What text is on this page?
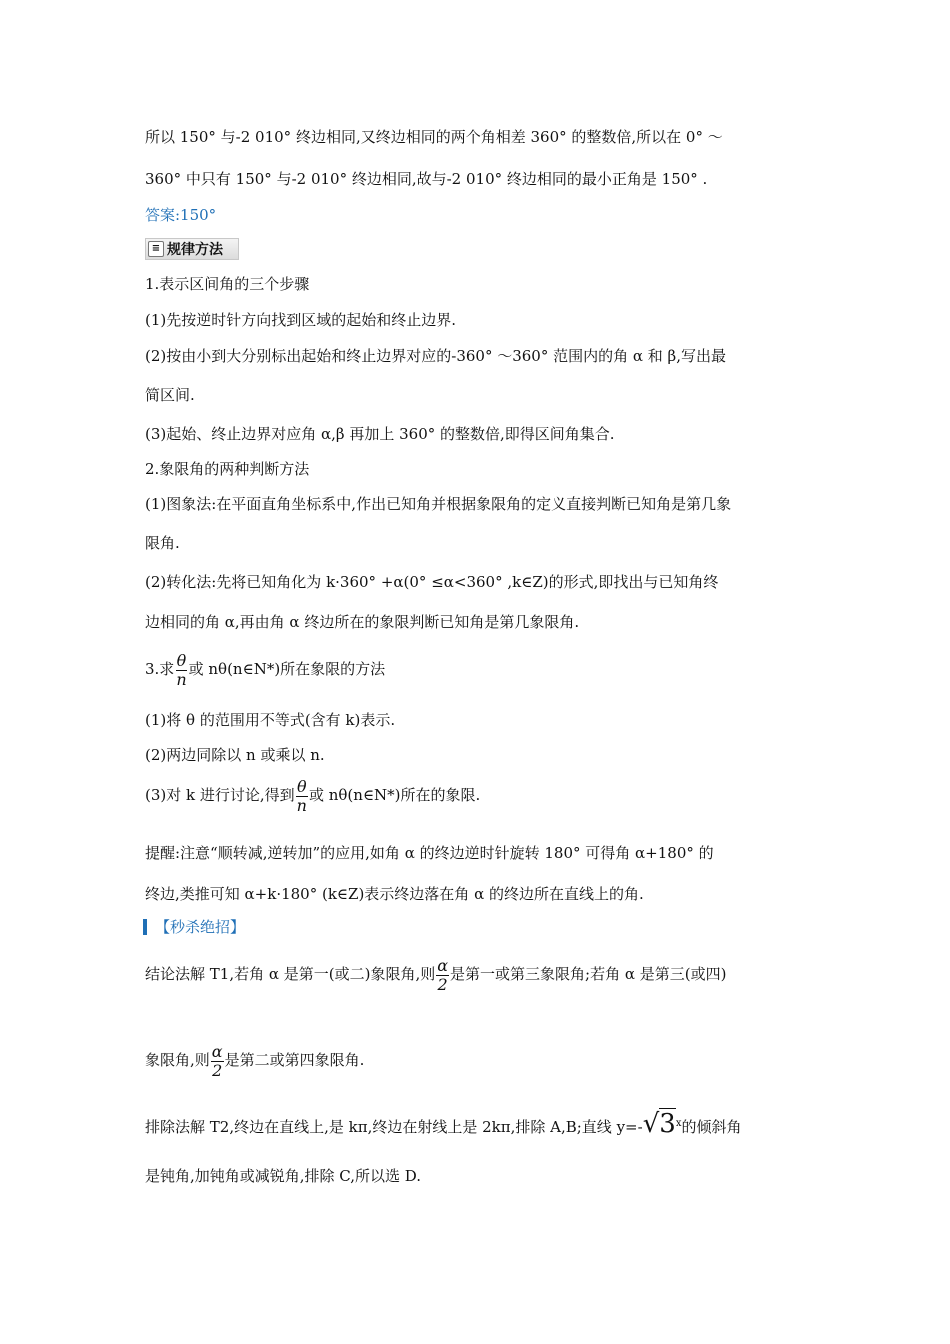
所以 150° 与-2 010° 终边相同,又终边相同的两个角相差 360° 的整数倍,所以在 0° ～
360° 中只有 150° 与-2 010° 终边相同,故与-2 010° 终边相同的最小正角是 150° .
答案:150°
≡ 规律方法
1.表示区间角的三个步骤
(1)先按逆时针方向找到区域的起始和终止边界.
(2)按由小到大分别标出起始和终止边界对应的-360° ～360° 范围内的角 α 和 β,写出最
简区间.
(3)起始、终止边界对应角 α,β 再加上 360° 的整数倍,即得区间角集合.
2.象限角的两种判断方法
(1)图象法:在平面直角坐标系中,作出已知角并根据象限角的定义直接判断已知角是第几象
限角.
(2)转化法:先将已知角化为 k·360° +α(0° ≤α<360° ,k∈Z)的形式,即找出与已知角终
边相同的角 α,再由角 α 终边所在的象限判断已知角是第几象限角.
3.求 $\frac{\theta}{n}$ 或 nθ(n∈N*)所在象限的方法
(1)将 θ 的范围用不等式(含有 k)表示.
(2)两边同除以 n 或乘以 n.
(3)对 k 进行讨论,得到 $\frac{\theta}{n}$ 或 nθ(n∈N*)所在的象限.
提醒:注意“顺转减,逆转加”的应用,如角 α 的终边逆时针旋转 180° 可得角 α+180° 的
终边,类推可知 α+k·180° (k∈Z)表示终边落在角 α 的终边所在直线上的角.
【秒杀绝招】
结论法解 T1,若角 α 是第一(或二)象限角,则 $\frac{\alpha}{2}$ 是第一或第三象限角;若角 α 是第三(或四)
象限角,则 $\frac{\alpha}{2}$ 是第二或第四象限角.
排除法解 T2,终边在直线上,是 kπ,终边在射线上是 2kπ,排除 A,B;直线 $y=-√3^x$的倾斜角
是钝角,加钝角或减锐角,排除 C,所以选 D.
